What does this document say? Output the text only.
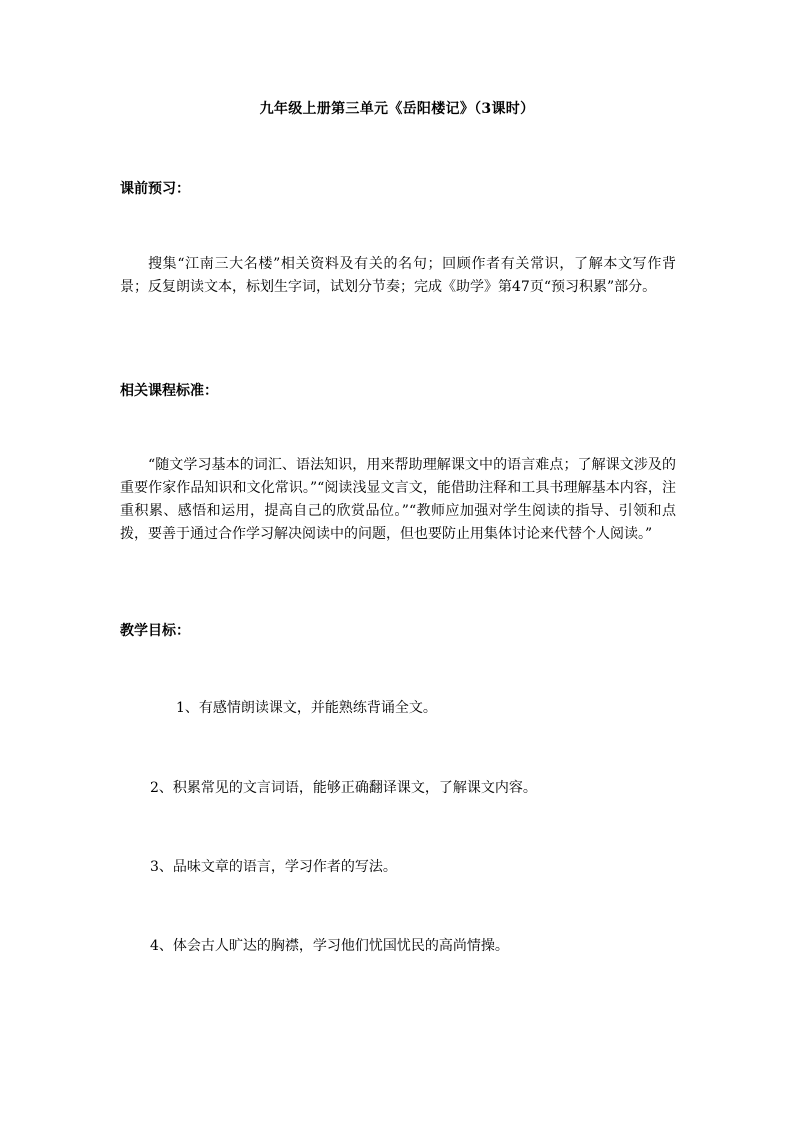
九年级上册第三单元《岳阳楼记》（3课时）
课前预习：
搜集“江南三大名楼”相关资料及有关的名句；回顾作者有关常识，了解本文写作背景；反复朗读文本，标划生字词，试划分节奏；完成《助学》第47页“预习积累”部分。
相关课程标准：
“随文学习基本的词汇、语法知识，用来帮助理解课文中的语言难点；了解课文涉及的重要作家作品知识和文化常识。”“阅读浅显文言文，能借助注释和工具书理解基本内容，注重积累、感悟和运用，提高自己的欣赏品位。”“教师应加强对学生阅读的指导、引领和点拨，要善于通过合作学习解决阅读中的问题，但也要防止用集体讨论来代替个人阅读。”
教学目标：
1、有感情朗读课文，并能熟练背诵全文。
2、积累常见的文言词语，能够正确翻译课文，了解课文内容。
3、品味文章的语言，学习作者的写法。
4、体会古人旷达的胸襟，学习他们忧国忧民的高尚情操。
